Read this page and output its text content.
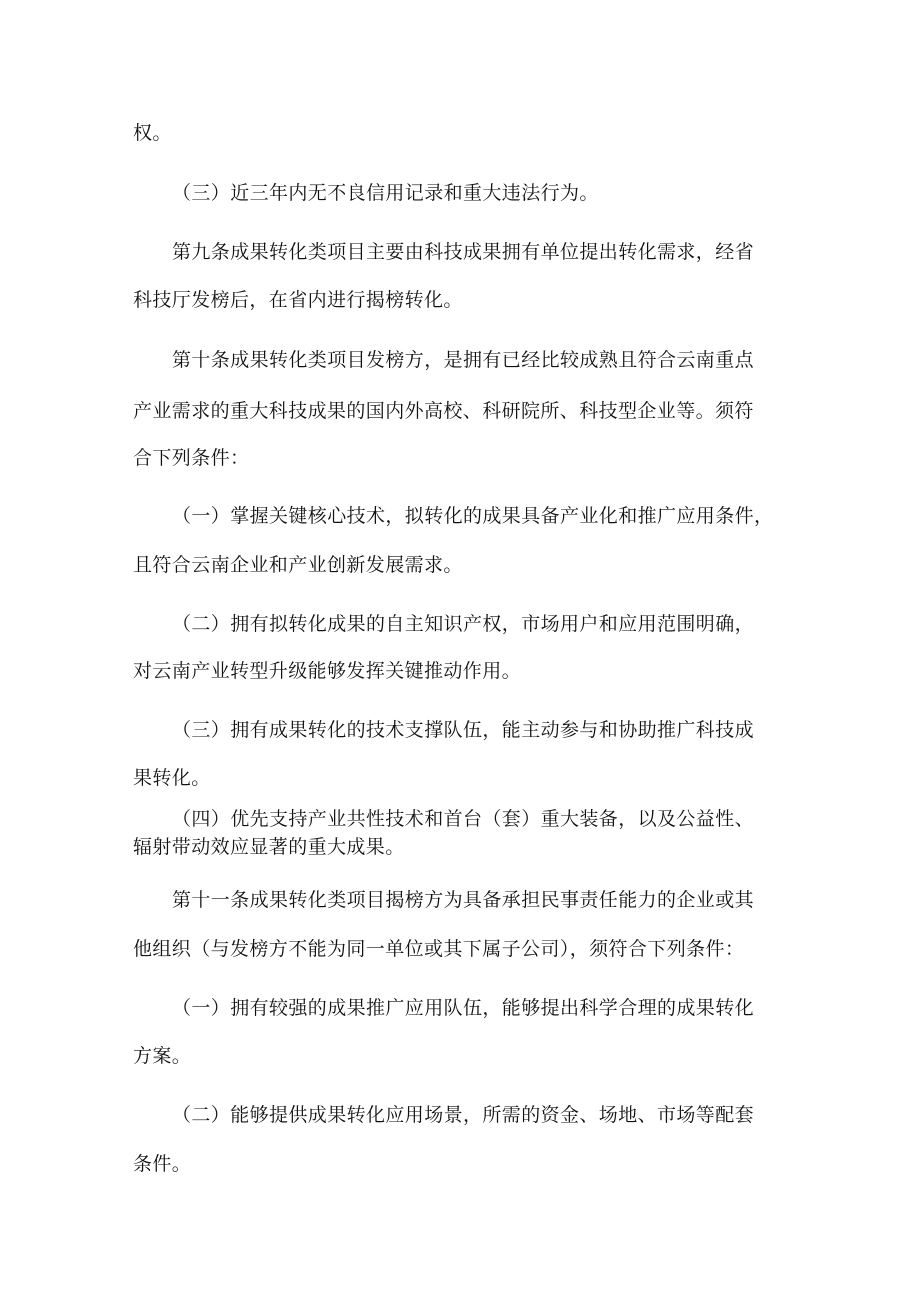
权。
（三）近三年内无不良信用记录和重大违法行为。
第九条成果转化类项目主要由科技成果拥有单位提出转化需求，经省
科技厅发榜后，在省内进行揭榜转化。
第十条成果转化类项目发榜方，是拥有已经比较成熟且符合云南重点
产业需求的重大科技成果的国内外高校、科研院所、科技型企业等。须符
合下列条件：
（一）掌握关键核心技术，拟转化的成果具备产业化和推广应用条件，
且符合云南企业和产业创新发展需求。
（二）拥有拟转化成果的自主知识产权，市场用户和应用范围明确，
对云南产业转型升级能够发挥关键推动作用。
（三）拥有成果转化的技术支撑队伍，能主动参与和协助推广科技成
果转化。
（四）优先支持产业共性技术和首台（套）重大装备，以及公益性、
辐射带动效应显著的重大成果。
第十一条成果转化类项目揭榜方为具备承担民事责任能力的企业或其
他组织（与发榜方不能为同一单位或其下属子公司），须符合下列条件：
（一）拥有较强的成果推广应用队伍，能够提出科学合理的成果转化
方案。
（二）能够提供成果转化应用场景，所需的资金、场地、市场等配套
条件。
